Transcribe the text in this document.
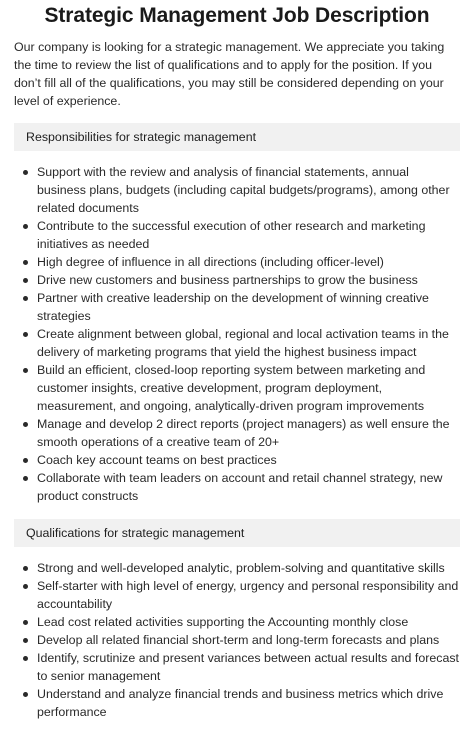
Strategic Management Job Description

Our company is looking for a strategic management. We appreciate you taking the time to review the list of qualifications and to apply for the position. If you don’t fill all of the qualifications, you may still be considered depending on your level of experience.

Responsibilities for strategic management
Support with the review and analysis of financial statements, annual business plans, budgets (including capital budgets/programs), among other related documents
Contribute to the successful execution of other research and marketing initiatives as needed
High degree of influence in all directions (including officer-level)
Drive new customers and business partnerships to grow the business
Partner with creative leadership on the development of winning creative strategies
Create alignment between global, regional and local activation teams in the delivery of marketing programs that yield the highest business impact
Build an efficient, closed-loop reporting system between marketing and customer insights, creative development, program deployment, measurement, and ongoing, analytically-driven program improvements
Manage and develop 2 direct reports (project managers) as well ensure the smooth operations of a creative team of 20+
Coach key account teams on best practices
Collaborate with team leaders on account and retail channel strategy, new product constructs
Qualifications for strategic management
Strong and well-developed analytic, problem-solving and quantitative skills
Self-starter with high level of energy, urgency and personal responsibility and accountability
Lead cost related activities supporting the Accounting monthly close
Develop all related financial short-term and long-term forecasts and plans
Identify, scrutinize and present variances between actual results and forecast to senior management
Understand and analyze financial trends and business metrics which drive performance
